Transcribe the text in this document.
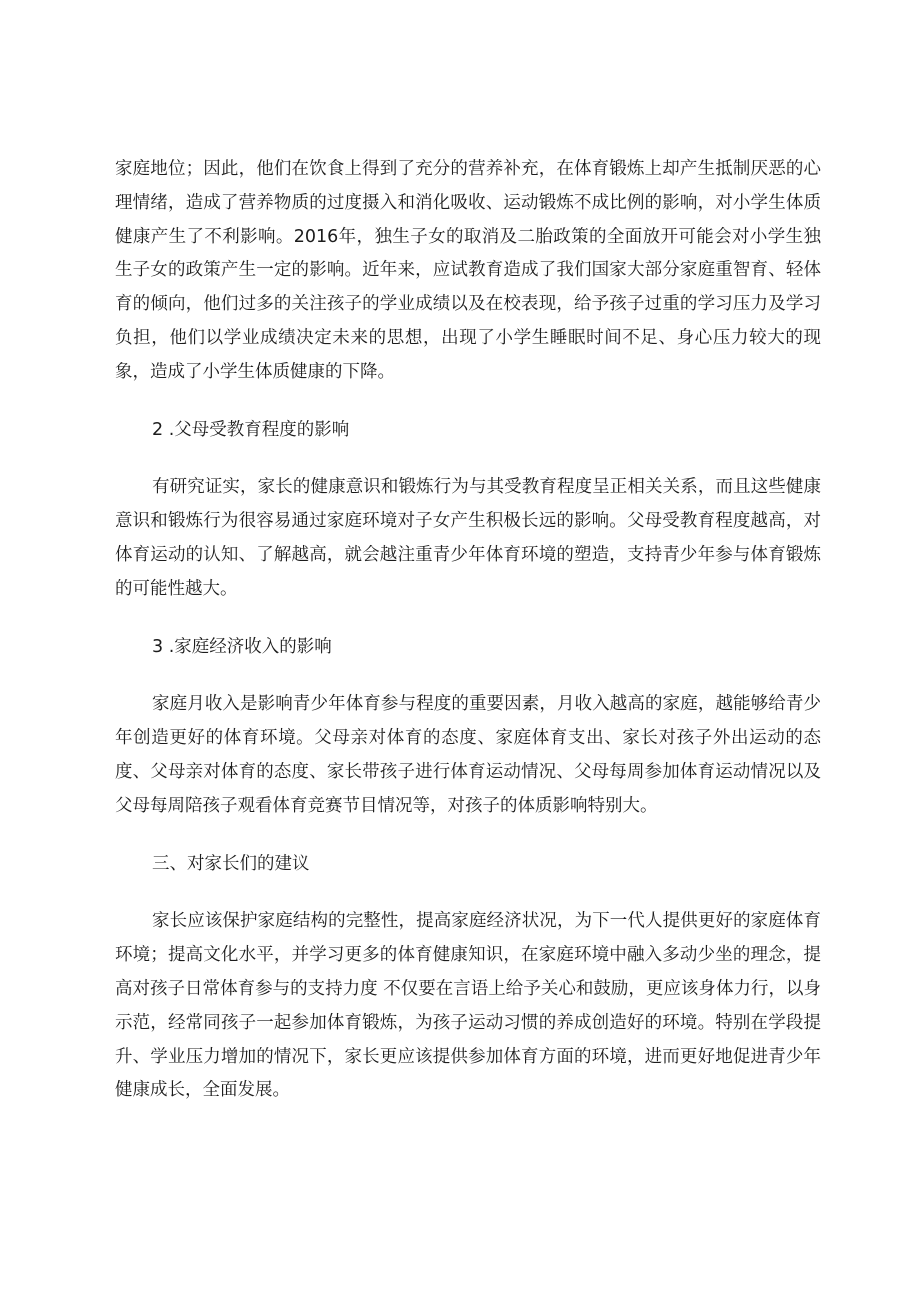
家庭地位；因此，他们在饮食上得到了充分的营养补充，在体育锻炼上却产生抵制厌恶的心理情绪，造成了营养物质的过度摄入和消化吸收、运动锻炼不成比例的影响，对小学生体质健康产生了不利影响。2016年，独生子女的取消及二胎政策的全面放开可能会对小学生独生子女的政策产生一定的影响。近年来，应试教育造成了我们国家大部分家庭重智育、轻体育的倾向，他们过多的关注孩子的学业成绩以及在校表现，给予孩子过重的学习压力及学习负担，他们以学业成绩决定未来的思想，出现了小学生睡眠时间不足、身心压力较大的现象，造成了小学生体质健康的下降。

2 .父母受教育程度的影响

有研究证实，家长的健康意识和锻炼行为与其受教育程度呈正相关关系，而且这些健康意识和锻炼行为很容易通过家庭环境对子女产生积极长远的影响。父母受教育程度越高，对体育运动的认知、了解越高，就会越注重青少年体育环境的塑造，支持青少年参与体育锻炼的可能性越大。

3 .家庭经济收入的影响

家庭月收入是影响青少年体育参与程度的重要因素，月收入越高的家庭，越能够给青少年创造更好的体育环境。父母亲对体育的态度、家庭体育支出、家长对孩子外出运动的态度、父母亲对体育的态度、家长带孩子进行体育运动情况、父母每周参加体育运动情况以及父母每周陪孩子观看体育竞赛节目情况等，对孩子的体质影响特别大。

三、对家长们的建议

家长应该保护家庭结构的完整性，提高家庭经济状况，为下一代人提供更好的家庭体育环境；提高文化水平，并学习更多的体育健康知识，在家庭环境中融入多动少坐的理念，提高对孩子日常体育参与的支持力度 不仅要在言语上给予关心和鼓励，更应该身体力行，以身示范，经常同孩子一起参加体育锻炼，为孩子运动习惯的养成创造好的环境。特别在学段提升、学业压力增加的情况下，家长更应该提供参加体育方面的环境，进而更好地促进青少年健康成长，全面发展。
